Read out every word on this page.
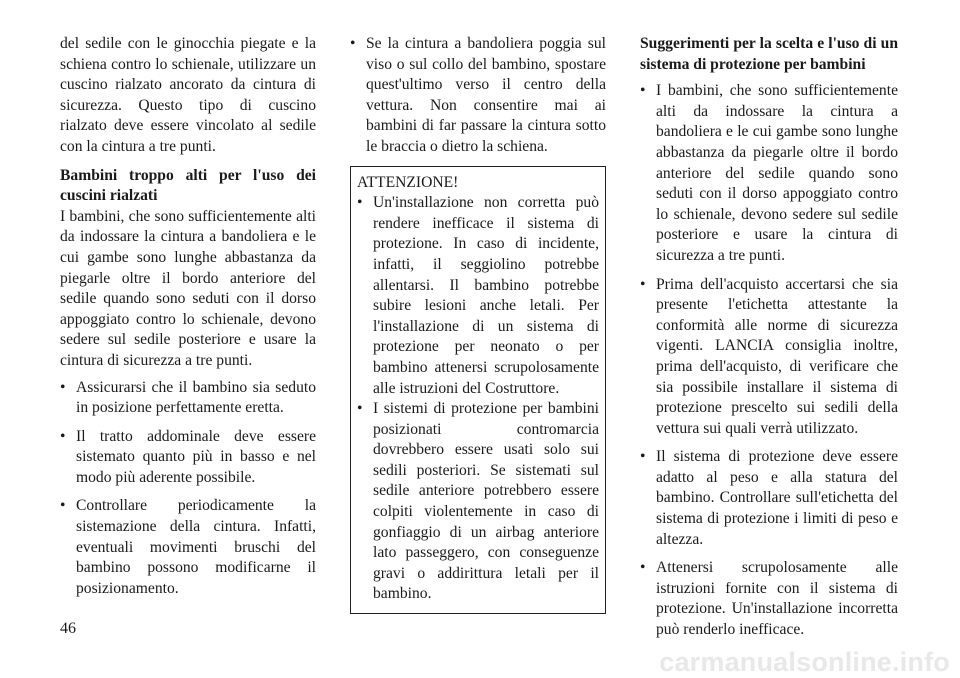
del sedile con le ginocchia piegate e la schiena contro lo schienale, utilizzare un cuscino rialzato ancorato da cintura di sicurezza. Questo tipo di cuscino rialzato deve essere vincolato al sedile con la cintura a tre punti.

Bambini troppo alti per l'uso dei cuscini rialzati

I bambini, che sono sufficientemente alti da indossare la cintura a bandoliera e le cui gambe sono lunghe abbastanza da piegarle oltre il bordo anteriore del sedile quando sono seduti con il dorso appoggiato contro lo schienale, devono sedere sul sedile posteriore e usare la cintura di sicurezza a tre punti.

• Assicurarsi che il bambino sia seduto in posizione perfettamente eretta.
• Il tratto addominale deve essere sistemato quanto più in basso e nel modo più aderente possibile.
• Controllare periodicamente la sistemazione della cintura. Infatti, eventuali movimenti bruschi del bambino possono modificarne il posizionamento.
• Se la cintura a bandoliera poggia sul viso o sul collo del bambino, spostare quest'ultimo verso il centro della vettura. Non consentire mai ai bambini di far passare la cintura sotto le braccia o dietro la schiena.

ATTENZIONE!

• Un'installazione non corretta può rendere inefficace il sistema di protezione. In caso di incidente, infatti, il seggiolino potrebbe allentarsi. Il bambino potrebbe subire lesioni anche letali. Per l'installazione di un sistema di protezione per neonato o per bambino attenersi scrupolosamente alle istruzioni del Costruttore.
• I sistemi di protezione per bambini posizionati contromarcia dovrebbero essere usati solo sui sedili posteriori. Se sistemati sul sedile anteriore potrebbero essere colpiti violentemente in caso di gonfiaggio di un airbag anteriore lato passeggero, con conseguenze gravi o addirittura letali per il bambino.

Suggerimenti per la scelta e l'uso di un sistema di protezione per bambini

• I bambini, che sono sufficientemente alti da indossare la cintura a bandoliera e le cui gambe sono lunghe abbastanza da piegarle oltre il bordo anteriore del sedile quando sono seduti con il dorso appoggiato contro lo schienale, devono sedere sul sedile posteriore e usare la cintura di sicurezza a tre punti.
• Prima dell'acquisto accertarsi che sia presente l'etichetta attestante la conformità alle norme di sicurezza vigenti. LANCIA consiglia inoltre, prima dell'acquisto, di verificare che sia possibile installare il sistema di protezione prescelto sui sedili della vettura sui quali verrà utilizzato.
• Il sistema di protezione deve essere adatto al peso e alla statura del bambino. Controllare sull'etichetta del sistema di protezione i limiti di peso e altezza.
• Attenersi scrupolosamente alle istruzioni fornite con il sistema di protezione. Un'installazione incorretta può renderlo inefficace.
46
carmanualsonline.info
